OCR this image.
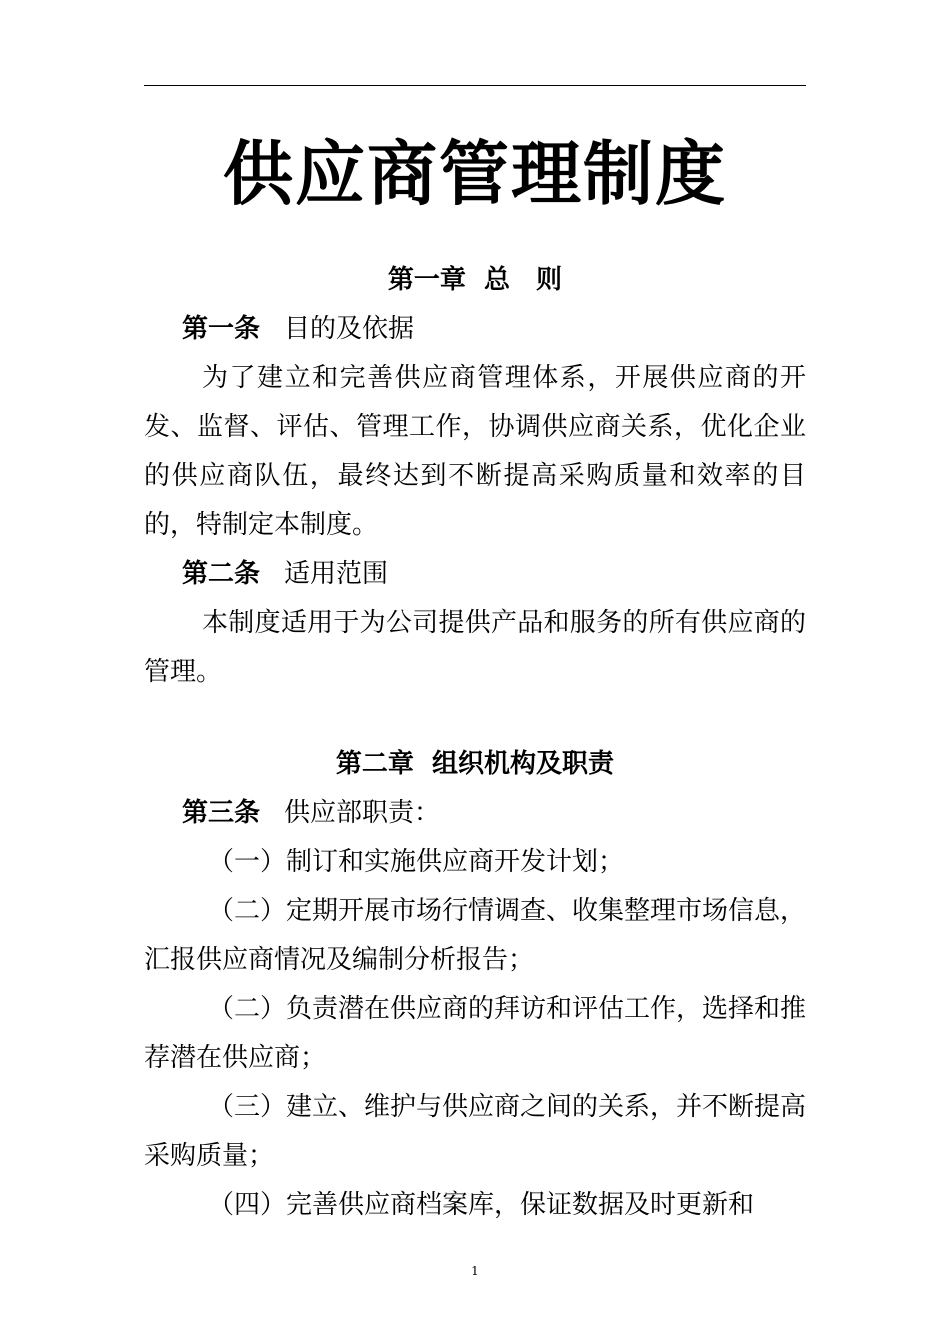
供应商管理制度
第一章 总　则

第一条 目的及依据

为了建立和完善供应商管理体系，开展供应商的开发、监督、评估、管理工作，协调供应商关系，优化企业的供应商队伍，最终达到不断提高采购质量和效率的目的，特制定本制度。

第二条 适用范围

本制度适用于为公司提供产品和服务的所有供应商的管理。

第二章 组织机构及职责

第三条 供应部职责：

（一）制订和实施供应商开发计划；

（二）定期开展市场行情调查、收集整理市场信息，汇报供应商情况及编制分析报告；

（二）负责潜在供应商的拜访和评估工作，选择和推荐潜在供应商；

（三）建立、维护与供应商之间的关系，并不断提高采购质量；

（四）完善供应商档案库，保证数据及时更新和

1
